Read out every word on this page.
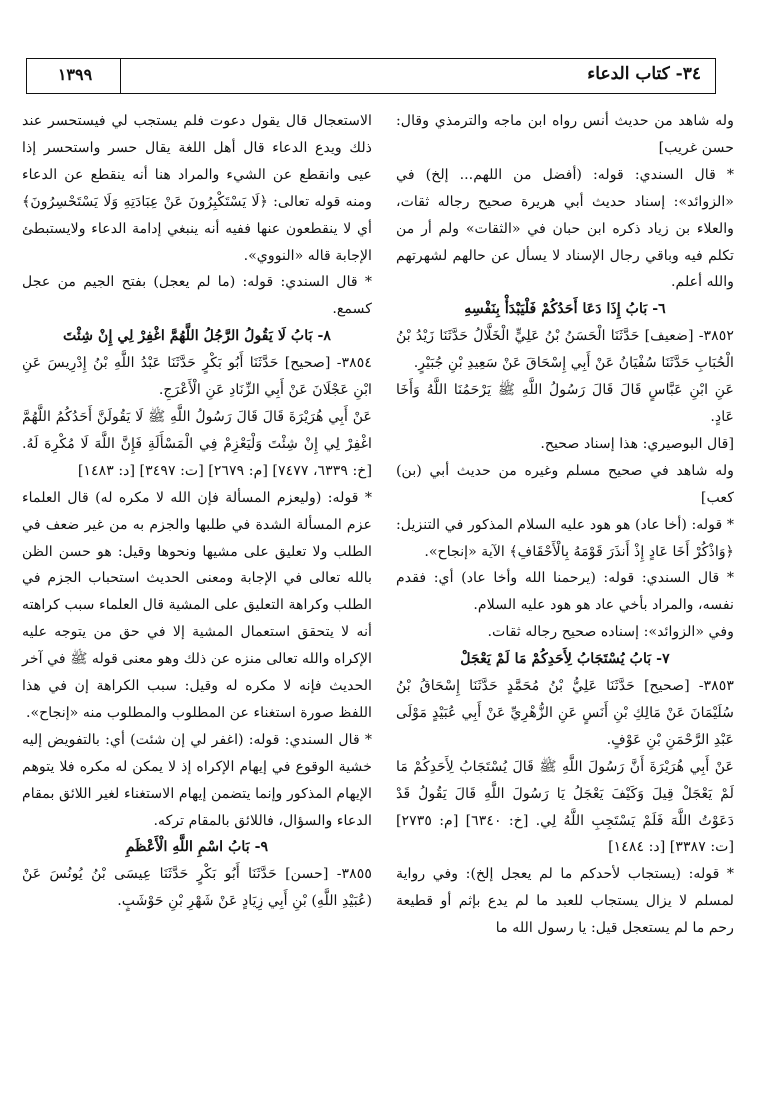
٣٤- كتاب الدعاء
١٣٩٩

وله شاهد من حديث أنس رواه ابن ماجه والترمذي وقال: حسن غريب]

* قال السندي: قوله: (أفضل من اللهم... إلخ) في «الزوائد»: إسناد حديث أبي هريرة صحيح رجاله ثقات، والعلاء بن زياد ذكره ابن حبان في «الثقات» ولم أر من تكلم فيه وباقي رجال الإسناد لا يسأل عن حالهم لشهرتهم والله أعلم.

٦- بَابُ إِذَا دَعَا أَحَدُكُمْ فَلْيَبْدَأْ بِنَفْسِهِ

٣٨٥٢- [ضعيف] حَدَّثَنَا الْحَسَنُ بْنُ عَلِيٍّ الْخَلَّالُ حَدَّثَنَا زَيْدُ بْنُ الْحُبَابِ حَدَّثَنَا سُفْيَانُ عَنْ أَبِي إِسْحَاقَ عَنْ سَعِيدِ بْنِ جُبَيْرٍ.

عَنِ ابْنِ عَبَّاسٍ قَالَ قَالَ رَسُولُ اللَّهِ ﷺ يَرْحَمُنَا اللَّهُ وَأَخَا عَادٍ.

[قال البوصيري: هذا إسناد صحيح.

وله شاهد في صحيح مسلم وغيره من حديث أبي (بن) كعب]

* قوله: (أخا عاد) هو هود عليه السلام المذكور في التنزيل: ﴿وَاذْكُرْ أَخَا عَادٍ إِذْ أَنذَرَ قَوْمَهُ بِالْأَحْقَافِ﴾ الآية «إنجاح».

* قال السندي: قوله: (يرحمنا الله وأخا عاد) أي: فقدم نفسه، والمراد بأخي عاد هو هود عليه السلام.

وفي «الزوائد»: إسناده صحيح رجاله ثقات.

٧- بَابُ يُسْتَجَابُ لِأَحَدِكُمْ مَا لَمْ يَعْجَلْ

٣٨٥٣- [صحيح] حَدَّثَنَا عَلِيُّ بْنُ مُحَمَّدٍ حَدَّثَنَا إِسْحَاقُ بْنُ سُلَيْمَانَ عَنْ مَالِكِ بْنِ أَنَسٍ عَنِ الزُّهْرِيِّ عَنْ أَبِي عُبَيْدٍ مَوْلَى عَبْدِ الرَّحْمَنِ بْنِ عَوْفٍ.

عَنْ أَبِي هُرَيْرَةَ أَنَّ رَسُولَ اللَّهِ ﷺ قَالَ يُسْتَجَابُ لِأَحَدِكُمْ مَا لَمْ يَعْجَلْ قِيلَ وَكَيْفَ يَعْجَلُ يَا رَسُولَ اللَّهِ قَالَ يَقُولُ قَدْ دَعَوْتُ اللَّهَ فَلَمْ يَسْتَجِبِ اللَّهُ لِي. [خ: ٦٣٤٠] [م: ٢٧٣٥] [ت: ٣٣٨٧] [د: ١٤٨٤]

* قوله: (يستجاب لأحدكم ما لم يعجل إلخ): وفي رواية لمسلم لا يزال يستجاب للعبد ما لم يدع بإثم أو قطيعة رحم ما لم يستعجل قيل: يا رسول الله ما

الاستعجال قال يقول دعوت فلم يستجب لي فيستحسر عند ذلك ويدع الدعاء قال أهل اللغة يقال حسر واستحسر إذا عيى وانقطع عن الشيء والمراد هنا أنه ينقطع عن الدعاء ومنه قوله تعالى: ﴿لَا يَسْتَكْبِرُونَ عَنْ عِبَادَتِهِ وَلَا يَسْتَحْسِرُونَ﴾ أي لا ينقطعون عنها ففيه أنه ينبغي إدامة الدعاء ولايستبطئ الإجابة قاله «النووي».

* قال السندي: قوله: (ما لم يعجل) بفتح الجيم من عجل كسمع.

٨- بَابُ لَا يَقُولُ الرَّجُلُ اللَّهُمَّ اغْفِرْ لِي إِنْ شِئْتَ

٣٨٥٤- [صحيح] حَدَّثَنَا أَبُو بَكْرٍ حَدَّثَنَا عَبْدُ اللَّهِ بْنُ إِدْرِيسَ عَنِ ابْنِ عَجْلَانَ عَنْ أَبِي الزِّنَادِ عَنِ الْأَعْرَجِ.

عَنْ أَبِي هُرَيْرَةَ قَالَ قَالَ رَسُولُ اللَّهِ ﷺ لَا يَقُولَنَّ أَحَدُكُمُ اللَّهُمَّ اغْفِرْ لِي إِنْ شِئْتَ وَلْيَعْزِمْ فِي الْمَسْأَلَةِ فَإِنَّ اللَّهَ لَا مُكْرِهَ لَهُ. [خ: ٦٣٣٩، ٧٤٧٧] [م: ٢٦٧٩] [ت: ٣٤٩٧] [د: ١٤٨٣]

* قوله: (وليعزم المسألة فإن الله لا مكره له) قال العلماء عزم المسألة الشدة في طلبها والجزم به من غير ضعف في الطلب ولا تعليق على مشيها ونحوها وقيل: هو حسن الظن بالله تعالى في الإجابة ومعنى الحديث استحباب الجزم في الطلب وكراهة التعليق على المشية قال العلماء سبب كراهته أنه لا يتحقق استعمال المشية إلا في حق من يتوجه عليه الإكراه والله تعالى منزه عن ذلك وهو معنى قوله ﷺ في آخر الحديث فإنه لا مكره له وقيل: سبب الكراهة إن في هذا اللفظ صورة استغناء عن المطلوب والمطلوب منه «إنجاح».

* قال السندي: قوله: (اغفر لي إن شئت) أي: بالتفويض إليه خشية الوقوع في إيهام الإكراه إذ لا يمكن له مكره فلا يتوهم الإيهام المذكور وإنما يتضمن إيهام الاستغناء لغير اللائق بمقام الدعاء والسؤال، فاللائق بالمقام تركه.

٩- بَابُ اسْمِ اللَّهِ الْأَعْظَمِ

٣٨٥٥- [حسن] حَدَّثَنَا أَبُو بَكْرٍ حَدَّثَنَا عِيسَى بْنُ يُونُسَ عَنْ (عُبَيْدِ اللَّهِ) بْنِ أَبِي زِيَادٍ عَنْ شَهْرِ بْنِ حَوْشَبٍ.
